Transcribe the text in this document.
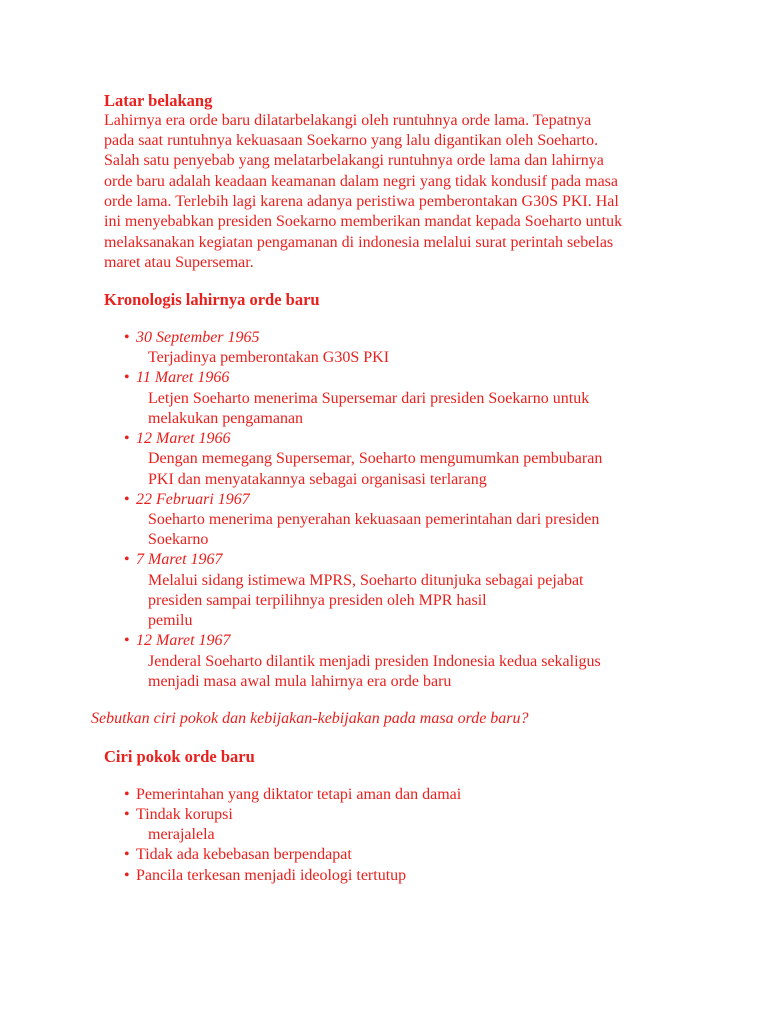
Latar belakang
Lahirnya era orde baru dilatarbelakangi oleh runtuhnya orde lama. Tepatnya
pada saat runtuhnya kekuasaan Soekarno yang lalu digantikan oleh Soeharto.
Salah satu penyebab yang melatarbelakangi runtuhnya orde lama dan lahirnya
orde baru adalah keadaan keamanan dalam negri yang tidak kondusif pada masa
orde lama. Terlebih lagi karena adanya peristiwa pemberontakan G30S PKI. Hal
ini menyebabkan presiden Soekarno memberikan mandat kepada Soeharto untuk
melaksanakan kegiatan pengamanan di indonesia melalui surat perintah sebelas
maret atau Supersemar.
Kronologis lahirnya orde baru
• 30 September 1965
Terjadinya pemberontakan G30S PKI
• 11 Maret 1966
Letjen Soeharto menerima Supersemar dari presiden Soekarno untuk
melakukan pengamanan
• 12 Maret 1966
Dengan memegang Supersemar, Soeharto mengumumkan pembubaran
PKI dan menyatakannya sebagai organisasi terlarang
• 22 Februari 1967
Soeharto menerima penyerahan kekuasaan pemerintahan dari presiden
Soekarno
• 7 Maret 1967
Melalui sidang istimewa MPRS, Soeharto ditunjuka sebagai pejabat
presiden sampai terpilihnya presiden oleh MPR hasil
pemilu
• 12 Maret 1967
Jenderal Soeharto dilantik menjadi presiden Indonesia kedua sekaligus
menjadi masa awal mula lahirnya era orde baru
Sebutkan ciri pokok dan kebijakan-kebijakan pada masa orde baru?
Ciri pokok orde baru
• Pemerintahan yang diktator tetapi aman dan damai
• Tindak korupsi
merajalela
• Tidak ada kebebasan berpendapat
• Pancila terkesan menjadi ideologi tertutup
